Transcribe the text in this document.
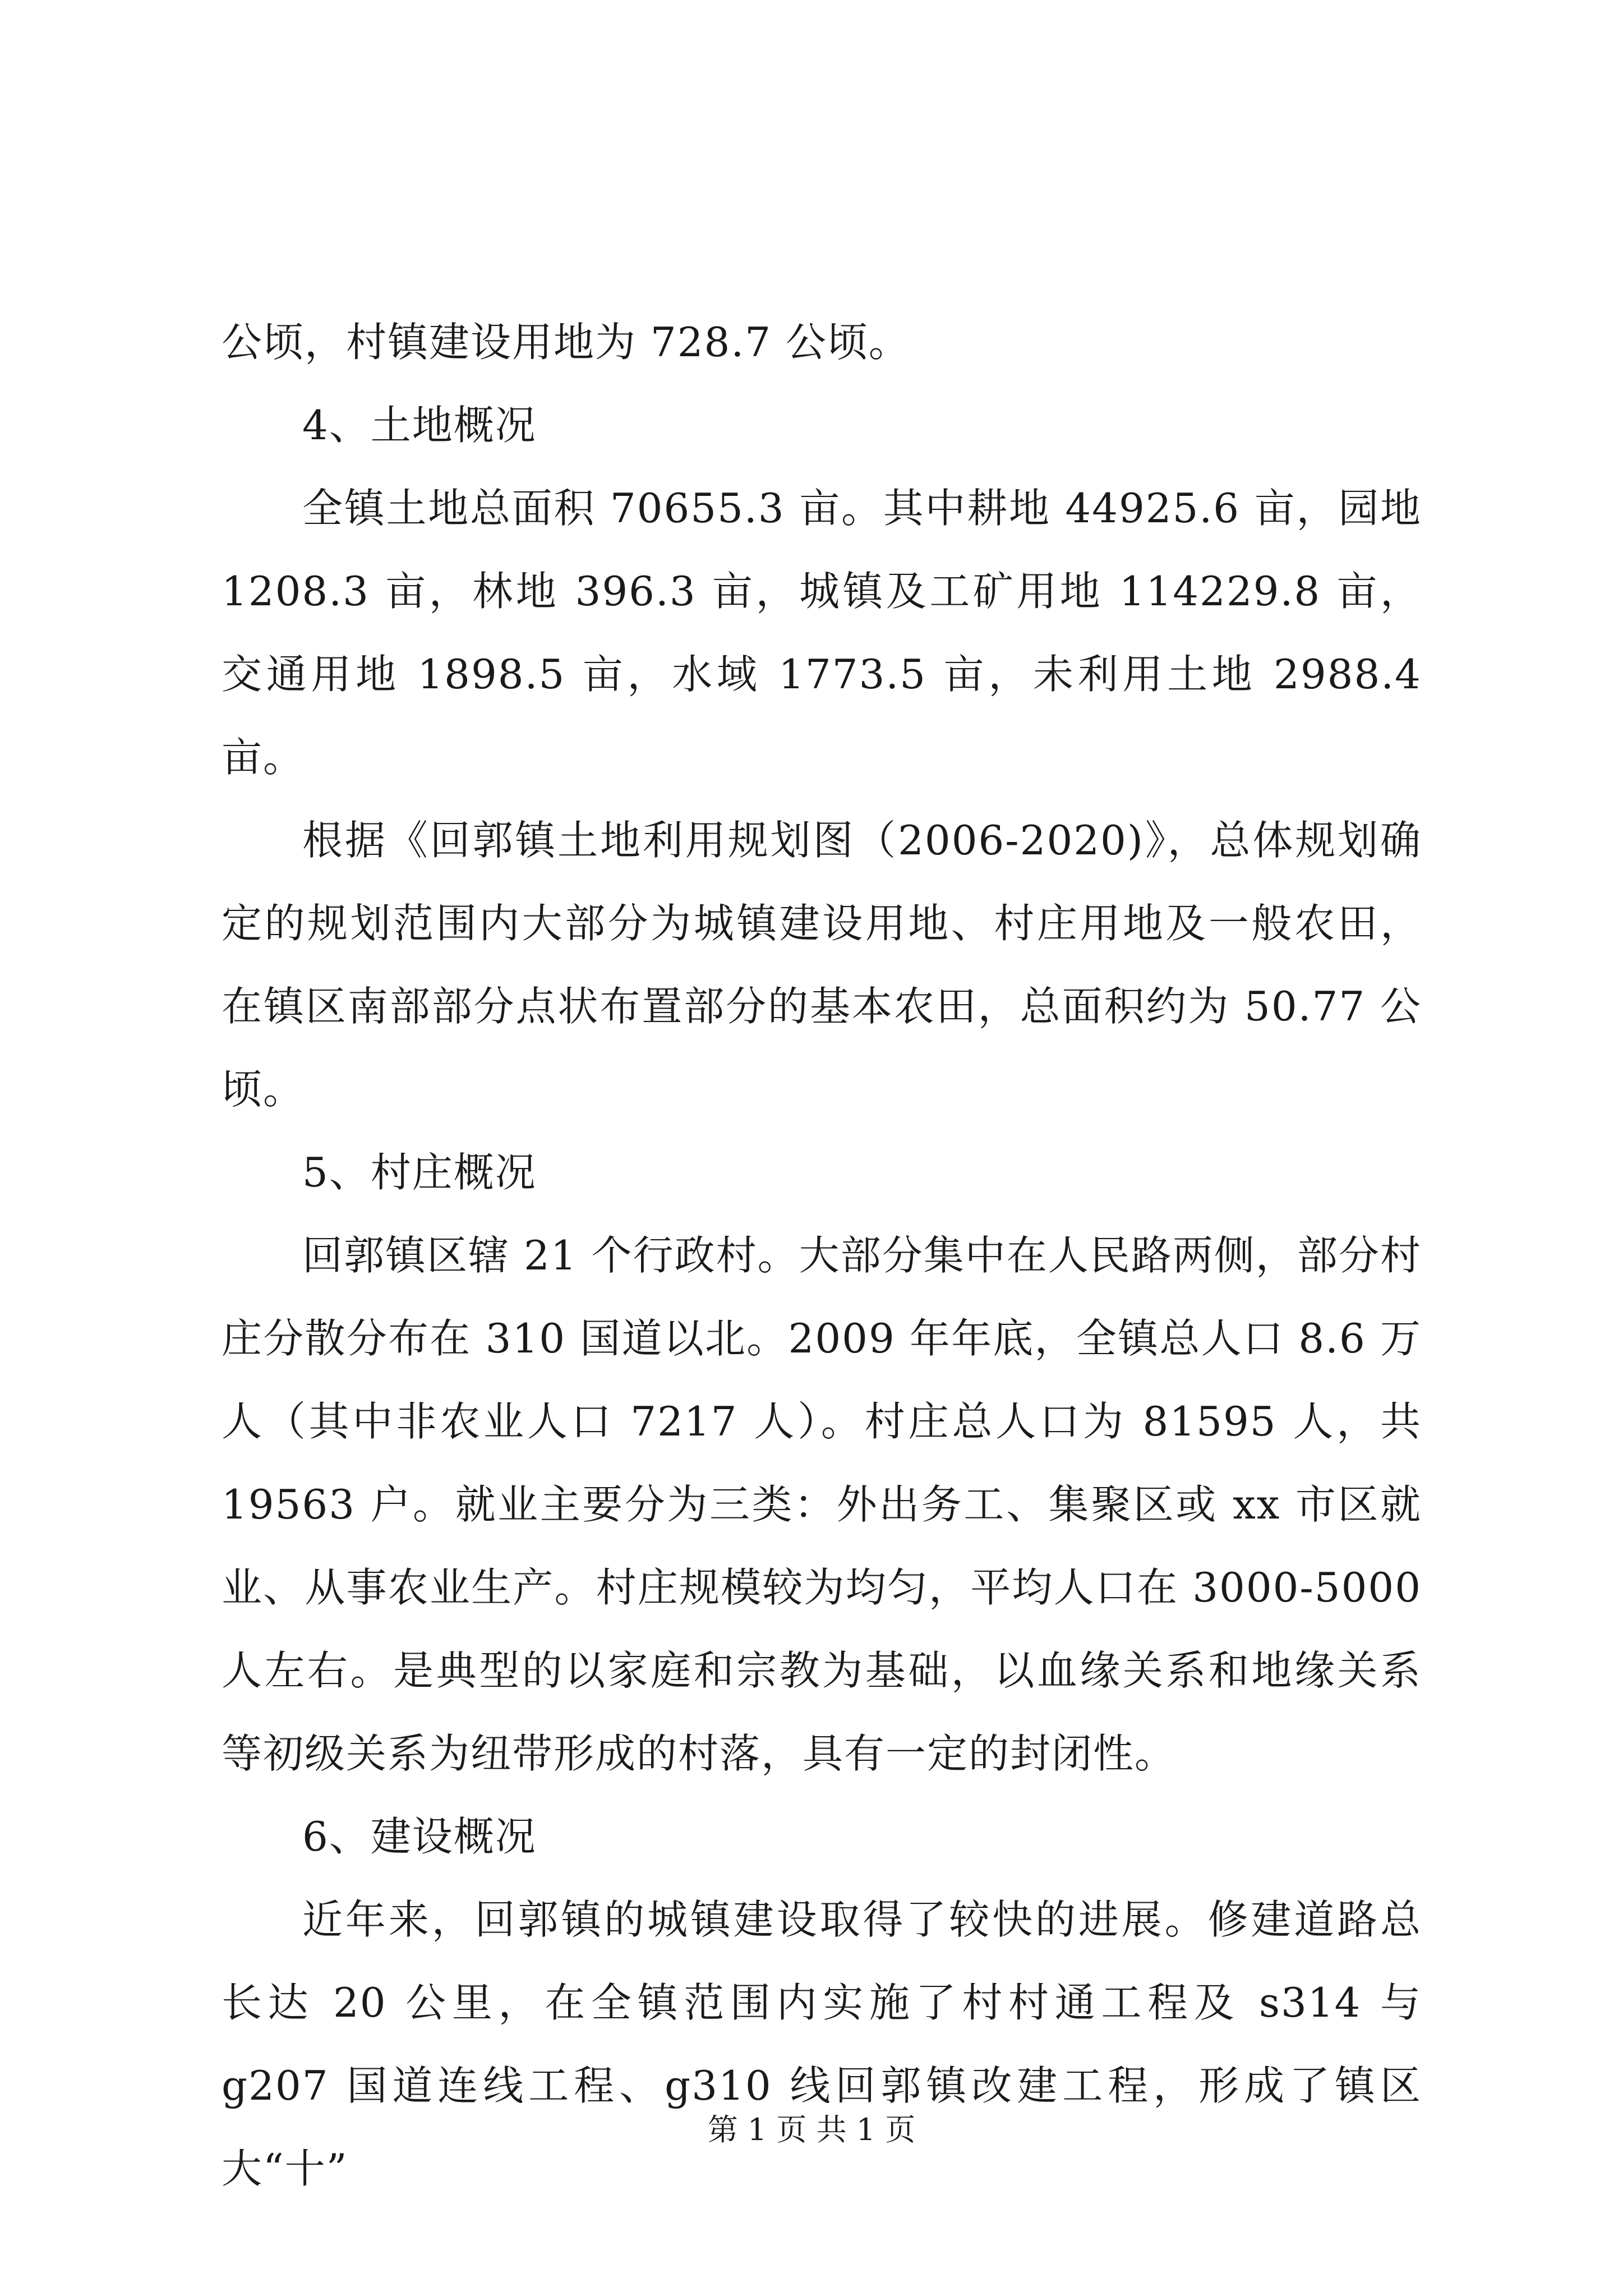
公顷，村镇建设用地为 728.7 公顷。

4、土地概况

全镇土地总面积 70655.3 亩。其中耕地 44925.6 亩，园地 1208.3 亩，林地 396.3 亩，城镇及工矿用地 114229.8 亩，交通用地 1898.5 亩，水域 1773.5 亩，未利用土地 2988.4 亩。

根据《回郭镇土地利用规划图（2006-2020)》，总体规划确定的规划范围内大部分为城镇建设用地、村庄用地及一般农田，在镇区南部部分点状布置部分的基本农田，总面积约为 50.77 公顷。

5、村庄概况

回郭镇区辖 21 个行政村。大部分集中在人民路两侧，部分村庄分散分布在 310 国道以北。2009 年年底，全镇总人口 8.6 万人（其中非农业人口 7217 人）。村庄总人口为 81595 人，共 19563 户。就业主要分为三类：外出务工、集聚区或 xx 市区就业、从事农业生产。村庄规模较为均匀，平均人口在 3000-5000 人左右。是典型的以家庭和宗教为基础，以血缘关系和地缘关系等初级关系为纽带形成的村落，具有一定的封闭性。

6、建设概况

近年来，回郭镇的城镇建设取得了较快的进展。修建道路总长达 20 公里，在全镇范围内实施了村村通工程及 s314 与 g207 国道连线工程、g310 线回郭镇改建工程，形成了镇区大“十”

第 1 页 共 1 页
